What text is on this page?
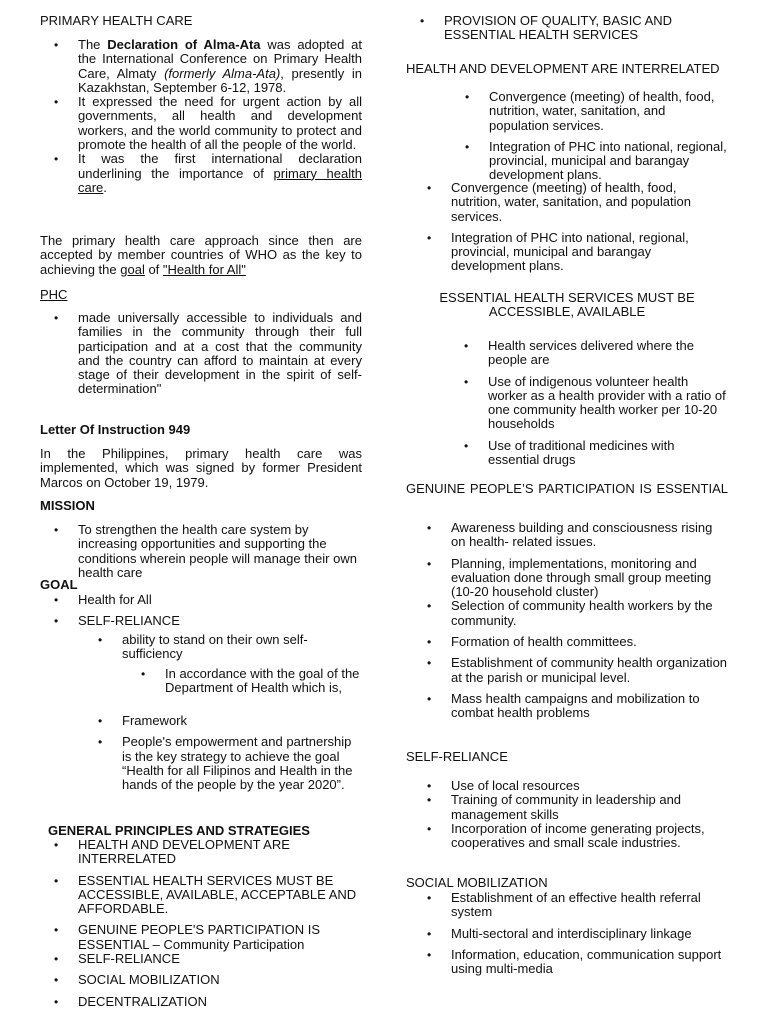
PRIMARY HEALTH CARE
• The Declaration of Alma-Ata was adopted at the International Conference on Primary Health Care, Almaty (formerly Alma-Ata), presently in Kazakhstan, September 6-12, 1978.
• It expressed the need for urgent action by all governments, all health and development workers, and the world community to protect and promote the health of all the people of the world.
• It was the first international declaration underlining the importance of primary health care.
The primary health care approach since then are accepted by member countries of WHO as the key to achieving the goal of "Health for All"
PHC
• made universally accessible to individuals and families in the community through their full participation and at a cost that the community and the country can afford to maintain at every stage of their development in the spirit of self-determination"
Letter Of Instruction 949
In the Philippines, primary health care was implemented, which was signed by former President Marcos on October 19, 1979.
MISSION
• To strengthen the health care system by increasing opportunities and supporting the conditions wherein people will manage their own health care
GOAL
• Health for All
• SELF-RELIANCE
• ability to stand on their own self-sufficiency
• In accordance with the goal of the Department of Health which is,
• Framework
• People's empowerment and partnership is the key strategy to achieve the goal “Health for all Filipinos and Health in the hands of the people by the year 2020”.
GENERAL PRINCIPLES AND STRATEGIES
• HEALTH AND DEVELOPMENT ARE INTERRELATED
• ESSENTIAL HEALTH SERVICES MUST BE ACCESSIBLE, AVAILABLE, ACCEPTABLE AND AFFORDABLE.
• GENUINE PEOPLE'S PARTICIPATION IS ESSENTIAL – Community Participation
• SELF-RELIANCE
• SOCIAL MOBILIZATION
• DECENTRALIZATION
• PROVISION OF QUALITY, BASIC AND ESSENTIAL HEALTH SERVICES
HEALTH AND DEVELOPMENT ARE INTERRELATED
• Convergence (meeting) of health, food, nutrition, water, sanitation, and population services.
• Integration of PHC into national, regional, provincial, municipal and barangay development plans.
• Convergence (meeting) of health, food, nutrition, water, sanitation, and population services.
• Integration of PHC into national, regional, provincial, municipal and barangay development plans.
ESSENTIAL HEALTH SERVICES MUST BE ACCESSIBLE, AVAILABLE
• Health services delivered where the people are
• Use of indigenous volunteer health worker as a health provider with a ratio of one community health worker per 10-20 households
• Use of traditional medicines with essential drugs
GENUINE PEOPLE’S PARTICIPATION IS ESSENTIAL
• Awareness building and consciousness rising on health- related issues.
• Planning, implementations, monitoring and evaluation done through small group meeting (10-20 household cluster)
• Selection of community health workers by the community.
• Formation of health committees.
• Establishment of community health organization at the parish or municipal level.
• Mass health campaigns and mobilization to combat health problems
SELF-RELIANCE
• Use of local resources
• Training of community in leadership and management skills
• Incorporation of income generating projects, cooperatives and small scale industries.
SOCIAL MOBILIZATION
• Establishment of an effective health referral system
• Multi-sectoral and interdisciplinary linkage
• Information, education, communication support using multi-media
